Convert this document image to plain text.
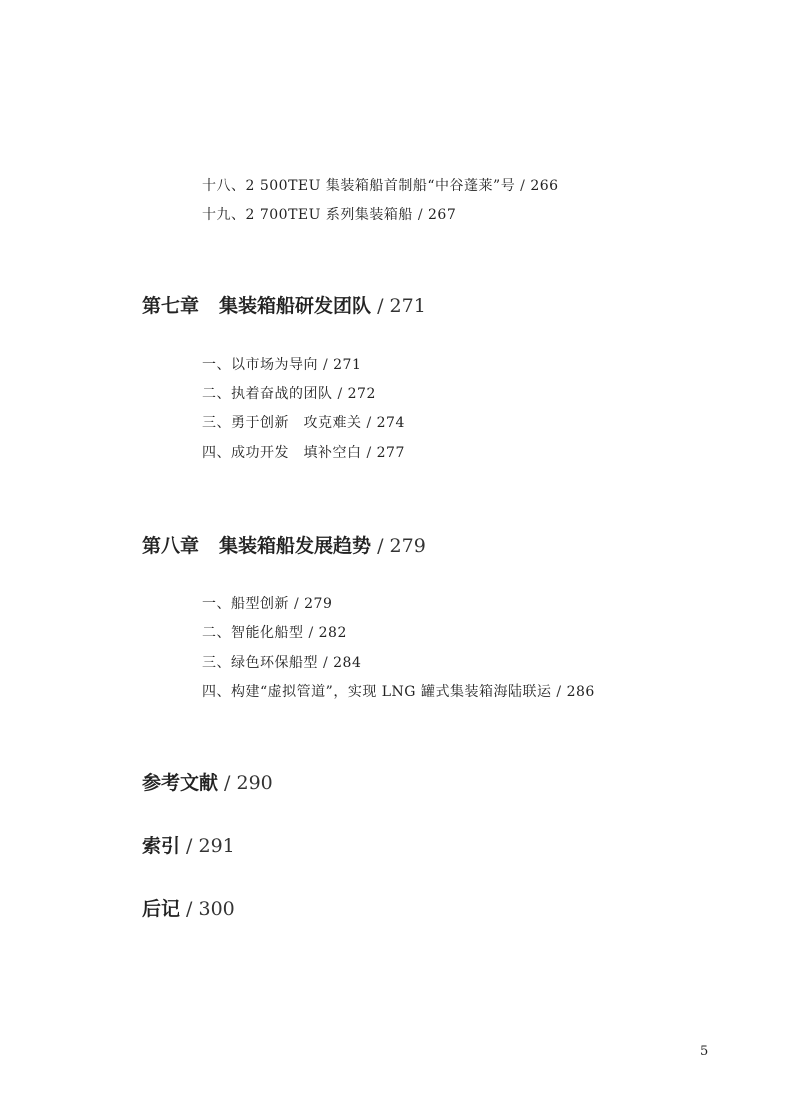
十八、2 500TEU 集装箱船首制船“中谷蓬莱”号 / 266
十九、2 700TEU 系列集装箱船 / 267
第七章 集装箱船研发团队 / 271
一、以市场为导向 / 271
二、执着奋战的团队 / 272
三、勇于创新　攻克难关 / 274
四、成功开发　填补空白 / 277
第八章 集装箱船发展趋势 / 279
一、船型创新 / 279
二、智能化船型 / 282
三、绿色环保船型 / 284
四、构建“虚拟管道”，实现 LNG 罐式集装箱海陆联运 / 286
参考文献 / 290
索引 / 291
后记 / 300
5
